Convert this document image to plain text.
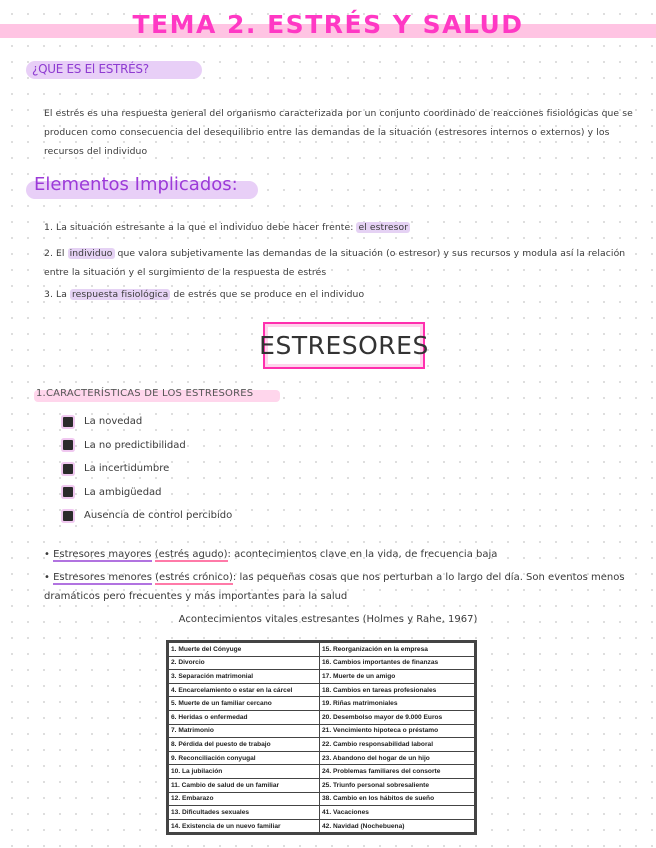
TEMA 2. ESTRÉS Y SALUD
¿QUE ES El ESTRÉS?
El estrés es una respuesta general del organismo caracterizada por un conjunto coordinado de reacciones fisiológicas que se producen como consecuencia del desequilibrio entre las demandas de la situación (estresores internos o externos) y los recursos del individuo
Elementos Implicados:
1. La situación estresante a la que el individuo debe hacer frente: el estresor
2. El individuo que valora subjetivamente las demandas de la situación (o estresor) y sus recursos y modula así la relación entre la situación y el surgimiento de la respuesta de estrés
3. La respuesta fisiológica de estrés que se produce en el individuo
ESTRESORES
1.CARACTERÍSTICAS DE LOS ESTRESORES
La novedad
La no predictibilidad
La incertidumbre
La ambigüedad
Ausencia de control percibido
• Estresores mayores (estrés agudo): acontecimientos clave en la vida, de frecuencia baja
• Estresores menores (estrés crónico): las pequeñas cosas que nos perturban a lo largo del día. Son eventos menos dramáticos pero frecuentes y más importantes para la salud
Acontecimientos vitales estresantes (Holmes y Rahe, 1967)
1. Muerte del Cónyuge	15. Reorganización en la empresa
2. Divorcio	16. Cambios importantes de finanzas
3. Separación matrimonial	17. Muerte de un amigo
4. Encarcelamiento o estar en la cárcel	18. Cambios en tareas profesionales
5. Muerte de un familiar cercano	19. Riñas matrimoniales
6. Heridas o enfermedad	20. Desembolso mayor de 9.000 Euros
7. Matrimonio	21. Vencimiento hipoteca o préstamo
8. Pérdida del puesto de trabajo	22. Cambio responsabilidad laboral
9. Reconciliación conyugal	23. Abandono del hogar de un hijo
10. La jubilación	24. Problemas familiares del consorte
11. Cambio de salud de un familiar	25. Triunfo personal sobresaliente
12. Embarazo	38. Cambio en los hábitos de sueño
13. Dificultades sexuales	41. Vacaciones
14. Existencia de un nuevo familiar	42. Navidad (Nochebuena)
